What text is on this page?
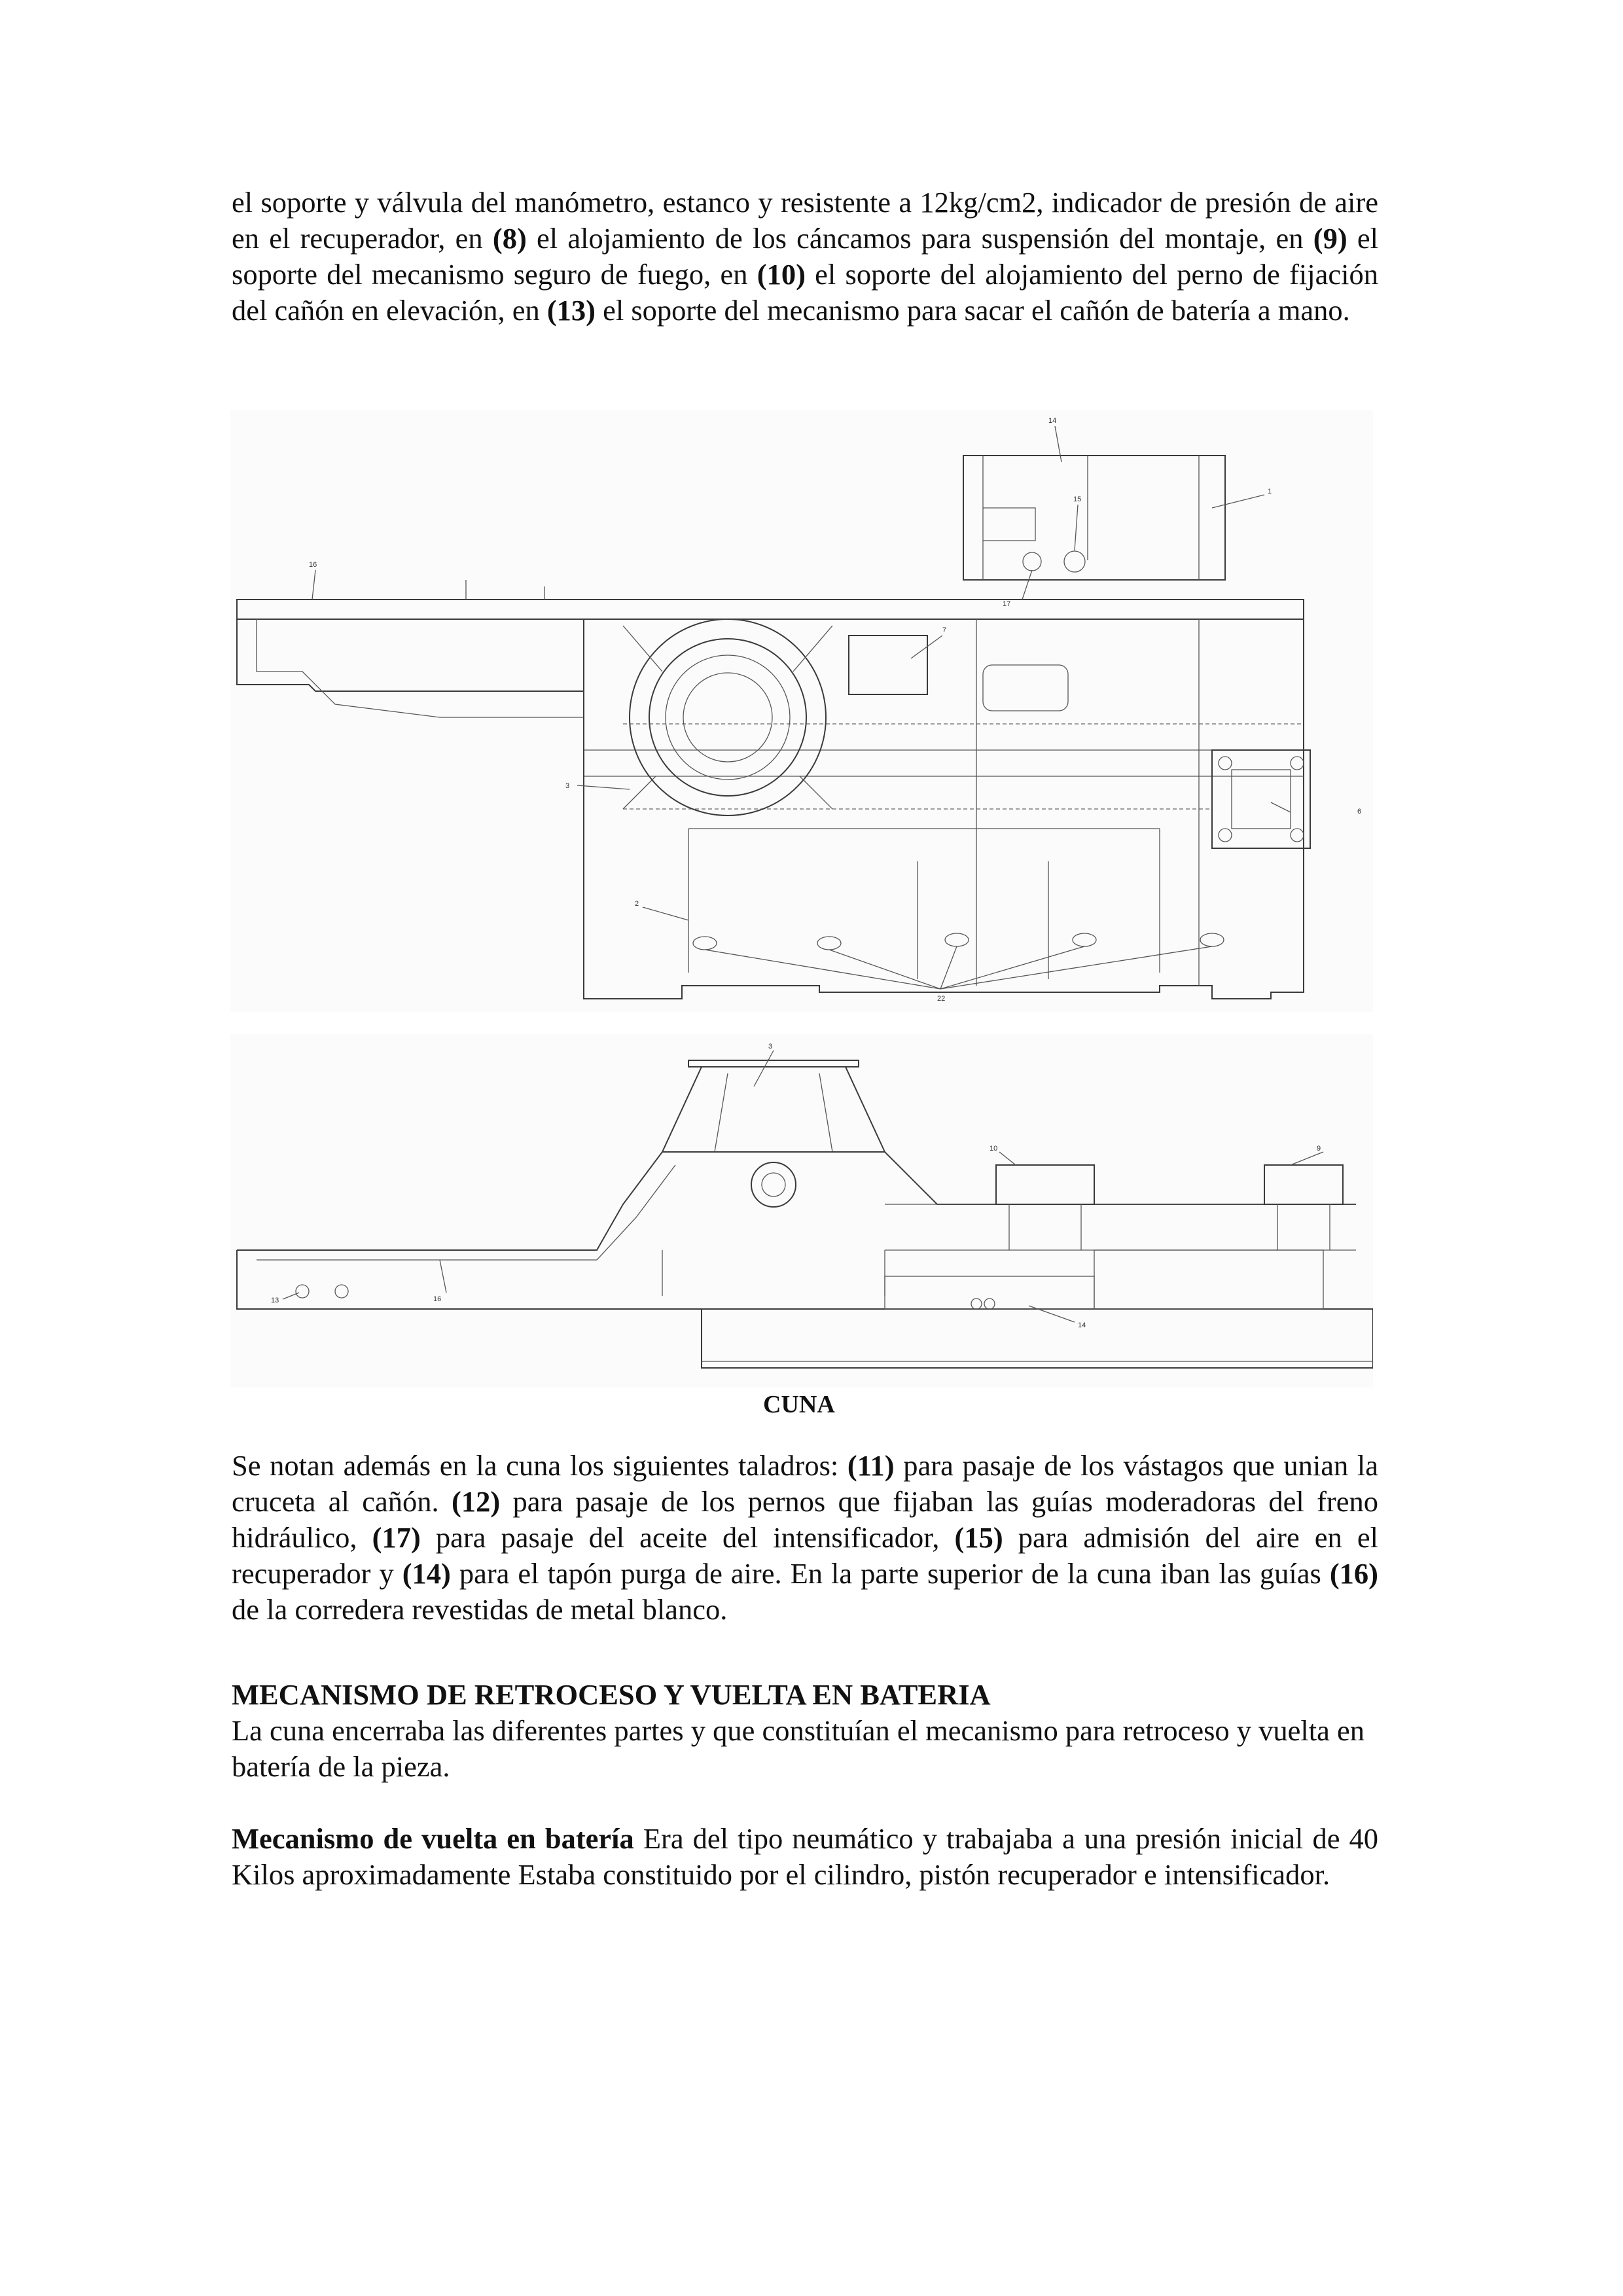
el soporte y válvula del manómetro, estanco y resistente a 12kg/cm2, indicador de presión de aire en el recuperador, en (8) el alojamiento de los cáncamos para suspensión del montaje, en (9) el soporte del mecanismo seguro de fuego, en (10) el soporte del alojamiento del perno de fijación del cañón en elevación, en (13) el soporte del mecanismo para sacar el cañón de batería a mano.

14
15
1
16
17
7
3
6
2
22
3
10	9
13	16
14

CUNA

Se notan además en la cuna los siguientes taladros: (11) para pasaje de los vástagos que unian la cruceta al cañón. (12) para pasaje de los pernos que fijaban las guías moderadoras del freno hidráulico, (17) para pasaje del aceite del intensificador, (15) para admisión del aire en el recuperador y (14) para el tapón purga de aire. En la parte superior de la cuna iban las guías (16) de la corredera revestidas de metal blanco.

MECANISMO DE RETROCESO Y VUELTA EN BATERIA

La cuna encerraba las diferentes partes y que constituían el mecanismo para retroceso y vuelta en batería de la pieza.

Mecanismo de vuelta en batería Era del tipo neumático y trabajaba a una presión inicial de 40 Kilos aproximadamente Estaba constituido por el cilindro, pistón recuperador e intensificador.
